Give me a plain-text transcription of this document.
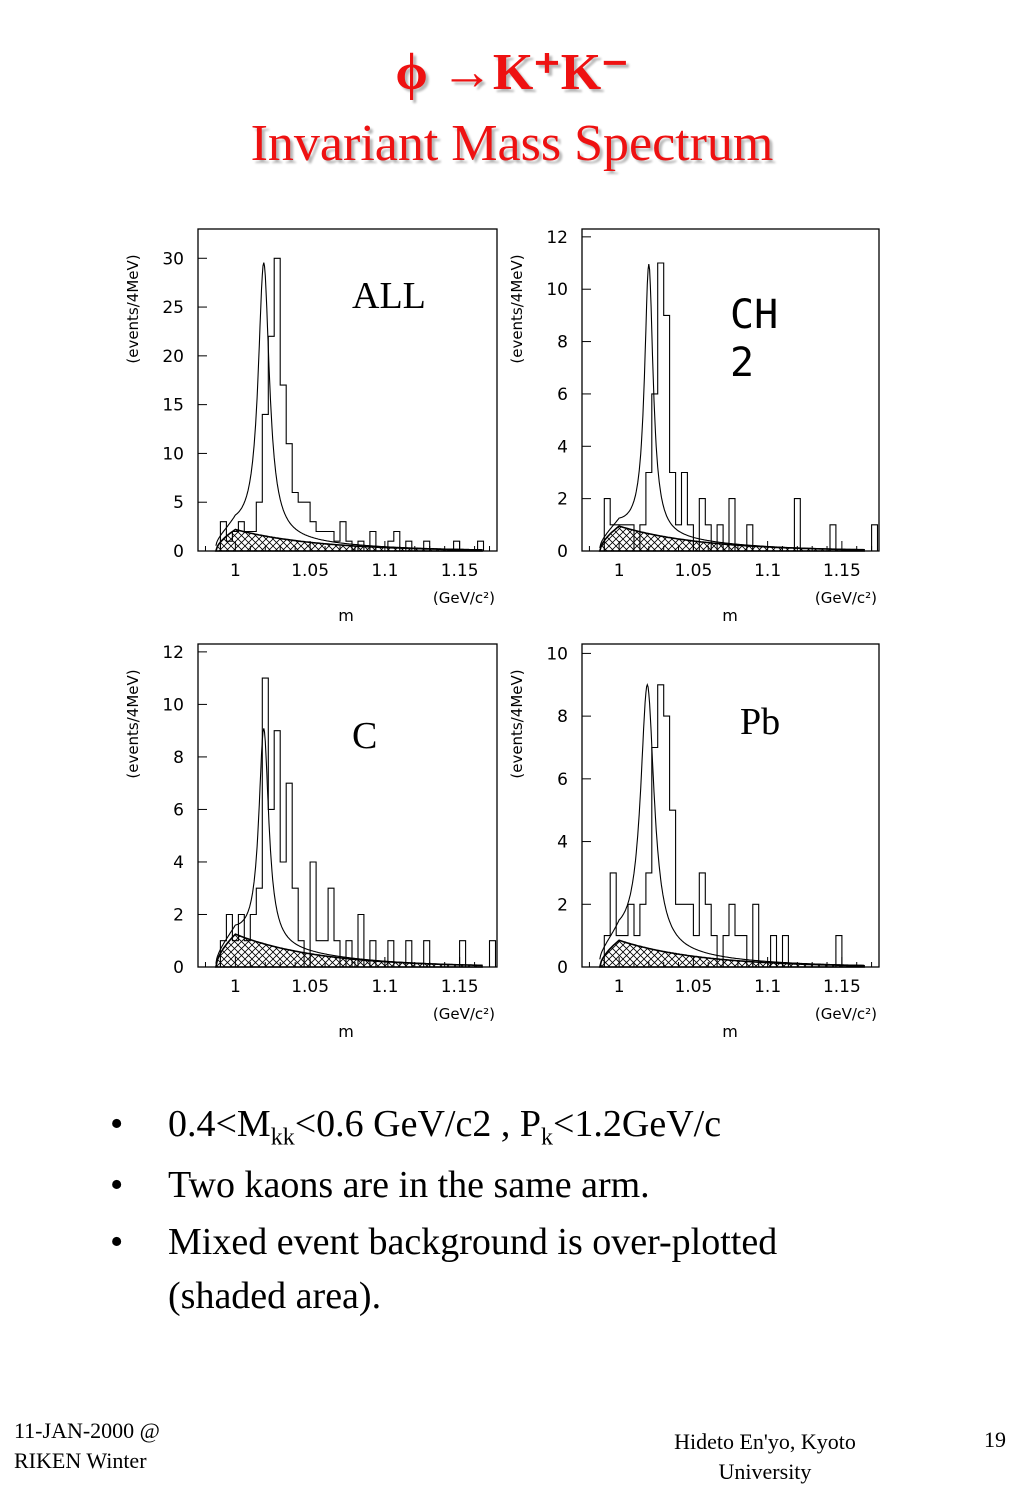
ϕ →K⁺K⁻
Invariant Mass Spectrum
0
5
10
15
20
25
30
1	1.05 1.1 1.15
(events/4MeV)
(GeV/c²)
m
ALL
0
2
4
6
8
10
12
1	1.05 1.1 1.15
(events/4MeV)
(GeV/c²)
m
CH
2
0
2
4
6
8
10
12
1	1.05 1.1 1.15
(events/4MeV)
(GeV/c²)
m
C
0
2
4
6
8
10
1	1.05 1.1 1.15
(events/4MeV)
(GeV/c²)
m
Pb
• $0.4<M_{kk}<0.6$ GeV/c2 , $P_k<1.2GeV/c$
• Two kaons are in the same arm.
• Mixed event background is over-plotted
(shaded area).
11-JAN-2000 @
RIKEN Winter
Hideto En'yo, Kyoto
University
19
